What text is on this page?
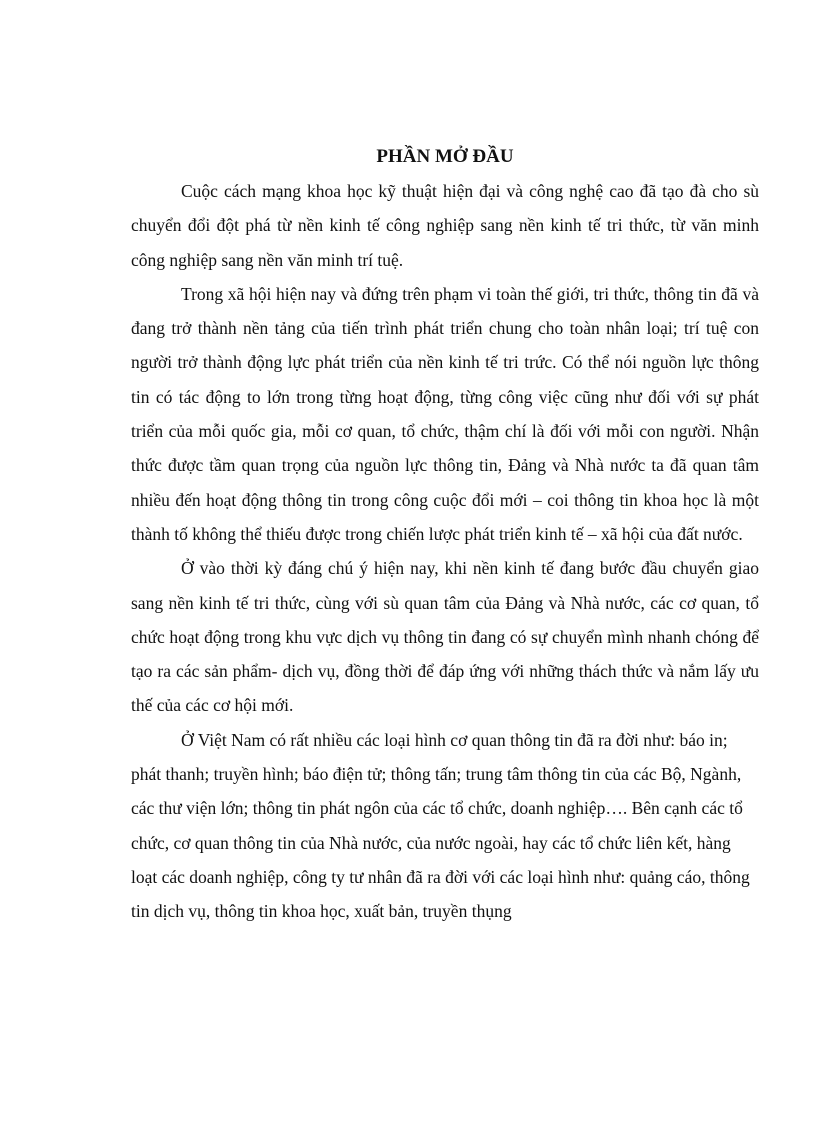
PHẦN MỞ ĐẦU

Cuộc cách mạng khoa học kỹ thuật hiện đại và công nghệ cao đã tạo đà cho sù chuyển đổi đột phá từ nền kinh tế công nghiệp sang nền kinh tế tri thức, từ văn minh công nghiệp sang nền văn minh trí tuệ.

Trong xã hội hiện nay và đứng trên phạm vi toàn thế giới, tri thức, thông tin đã và đang trở thành nền tảng của tiến trình phát triển chung cho toàn nhân loại; trí tuệ con người trở thành động lực phát triển của nền kinh tế tri trức. Có thể nói nguồn lực thông tin có tác động to lớn trong từng hoạt động, từng công việc cũng như đối với sự phát triển của mỗi quốc gia, mỗi cơ quan, tổ chức, thậm chí là đối với mỗi con người. Nhận thức được tầm quan trọng của nguồn lực thông tin, Đảng và Nhà nước ta đã quan tâm nhiều đến hoạt động thông tin trong công cuộc đổi mới – coi thông tin khoa học là một thành tố không thể thiếu được trong chiến lược phát triển kinh tế – xã hội của đất nước.

Ở vào thời kỳ đáng chú ý hiện nay, khi nền kinh tế đang bước đầu chuyển giao sang nền kinh tế tri thức, cùng với sù quan tâm của Đảng và Nhà nước, các cơ quan, tổ chức hoạt động trong khu vực dịch vụ thông tin đang có sự chuyển mình nhanh chóng để tạo ra các sản phẩm- dịch vụ, đồng thời để đáp ứng với những thách thức và nắm lấy ưu thế của các cơ hội mới.

Ở Việt Nam có rất nhiều các loại hình cơ quan thông tin đã ra đời như: báo in; phát thanh; truyền hình; báo điện tử; thông tấn; trung tâm thông tin của các Bộ, Ngành, các thư viện lớn; thông tin phát ngôn của các tổ chức, doanh nghiệp…. Bên cạnh các tổ chức, cơ quan thông tin của Nhà nước, của nước ngoài, hay các tổ chức liên kết, hàng loạt các doanh nghiệp, công ty tư nhân đã ra đời với các loại hình như: quảng cáo, thông tin dịch vụ, thông tin khoa học, xuất bản, truyền thụng
